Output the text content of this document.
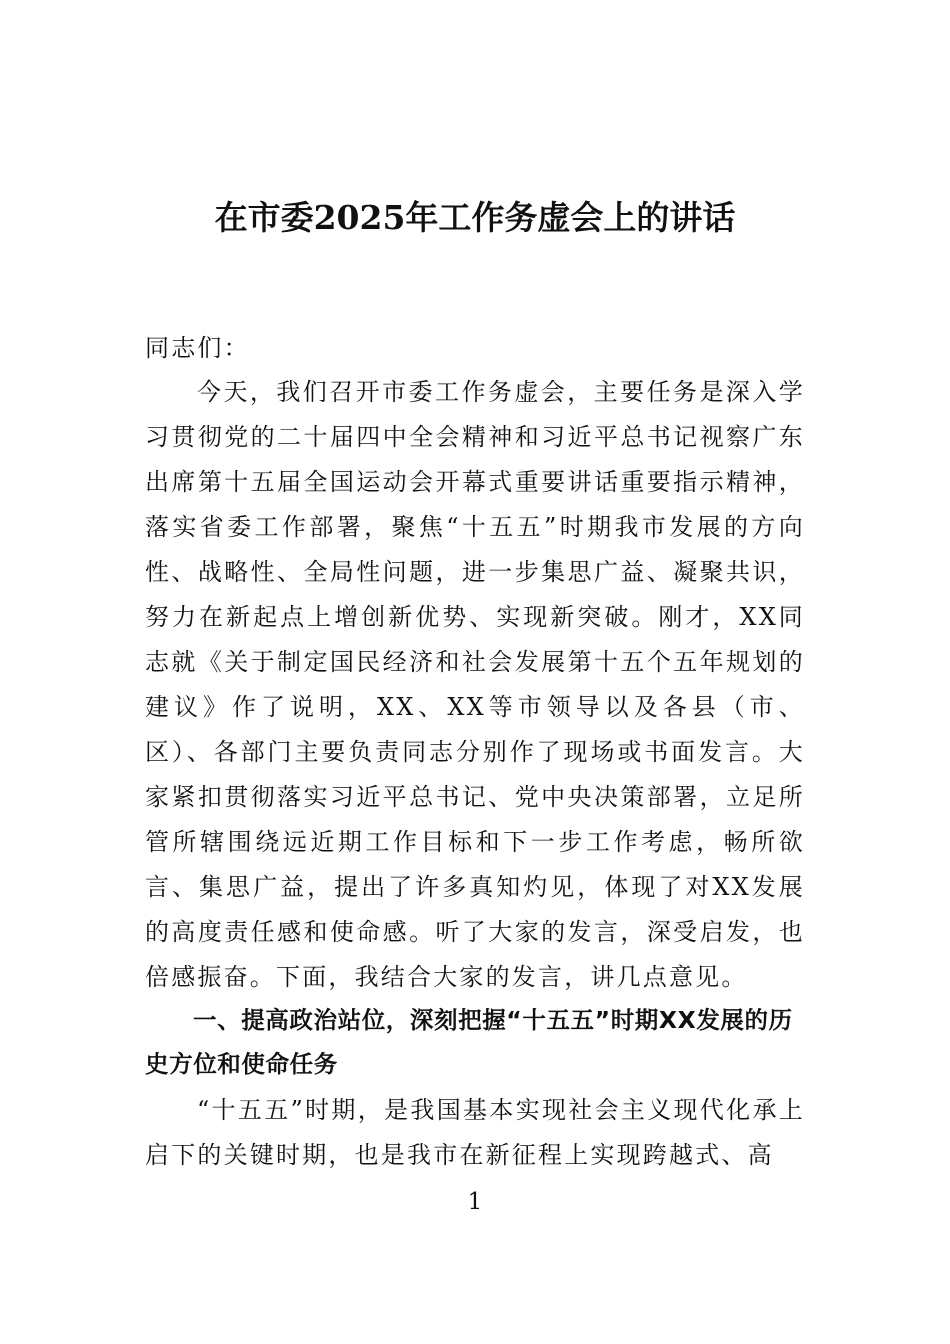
在市委2025年工作务虚会上的讲话
同志们：
今天，我们召开市委工作务虚会，主要任务是深入学习贯彻党的二十届四中全会精神和习近平总书记视察广东出席第十五届全国运动会开幕式重要讲话重要指示精神，落实省委工作部署，聚焦“十五五”时期我市发展的方向性、战略性、全局性问题，进一步集思广益、凝聚共识，努力在新起点上增创新优势、实现新突破。刚才，XX同志就《关于制定国民经济和社会发展第十五个五年规划的建议》作了说明，XX、XX等市领导以及各县（市、区）、各部门主要负责同志分别作了现场或书面发言。大家紧扣贯彻落实习近平总书记、党中央决策部署，立足所管所辖围绕远近期工作目标和下一步工作考虑，畅所欲言、集思广益，提出了许多真知灼见，体现了对XX发展的高度责任感和使命感。听了大家的发言，深受启发，也倍感振奋。下面，我结合大家的发言，讲几点意见。
一、提高政治站位，深刻把握“十五五”时期XX发展的历史方位和使命任务
“十五五”时期，是我国基本实现社会主义现代化承上启下的关键时期，也是我市在新征程上实现跨越式、高
1
